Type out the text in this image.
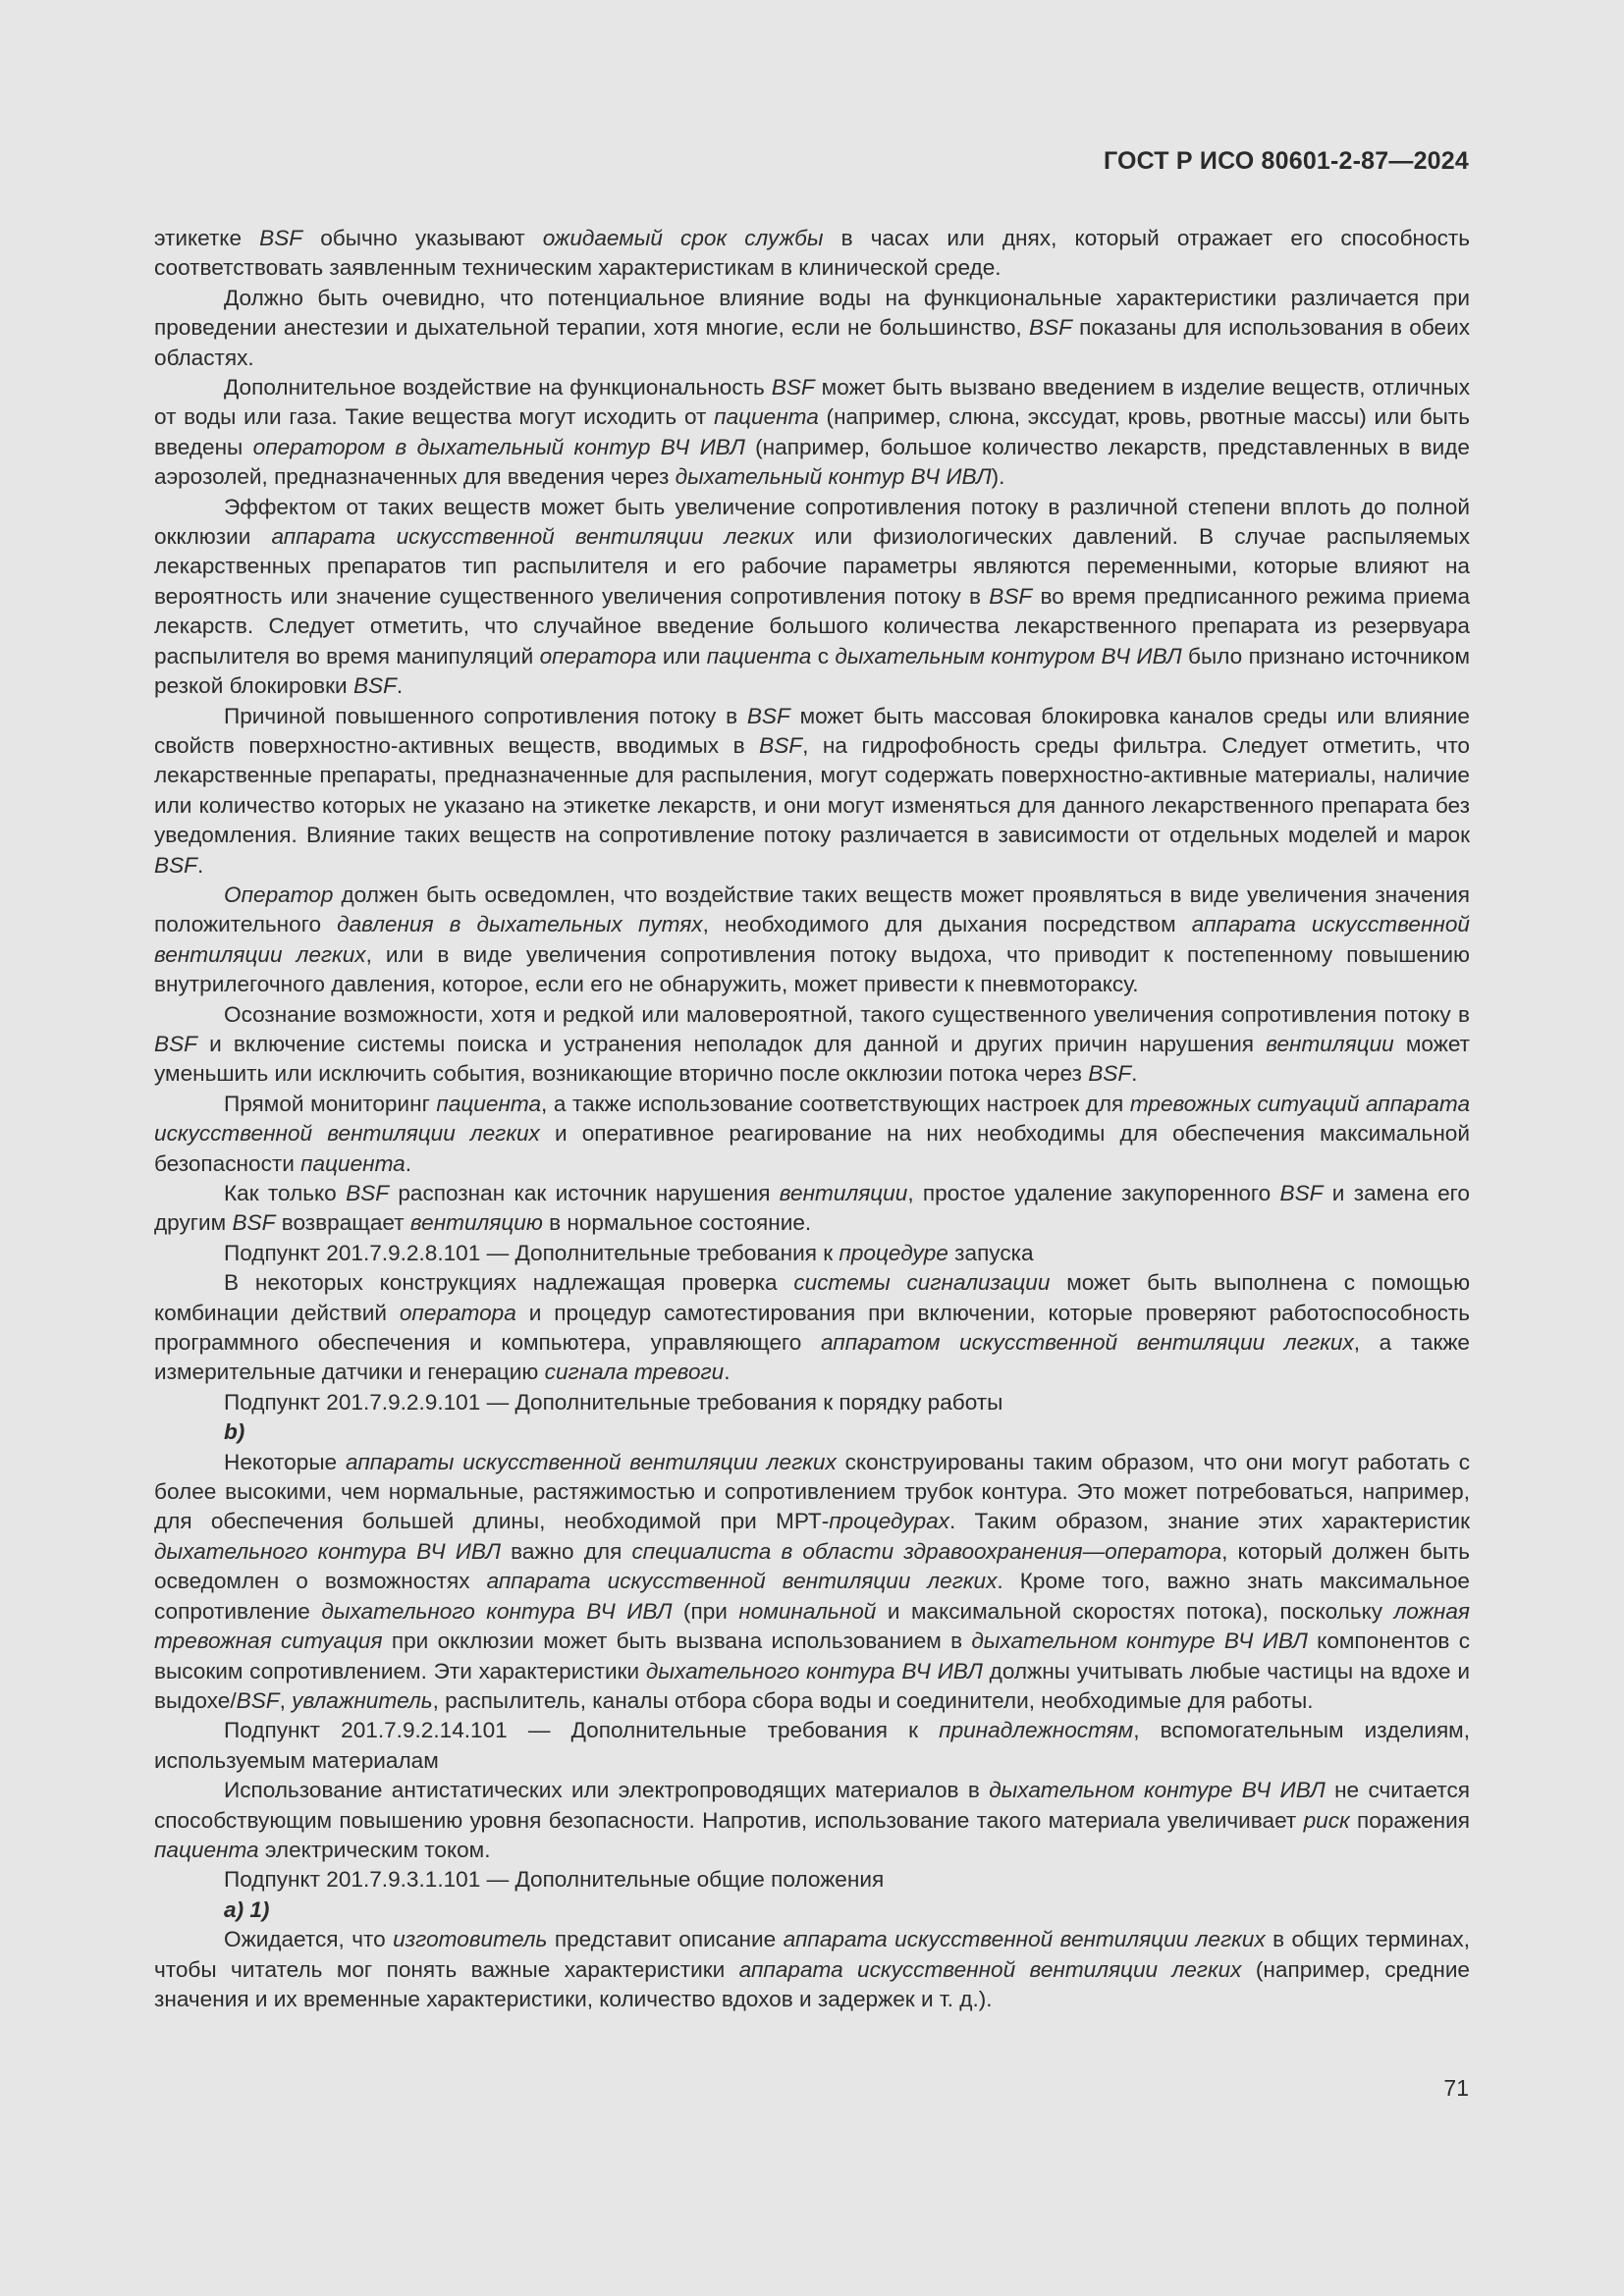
ГОСТ Р ИСО 80601-2-87—2024

этикетке BSF обычно указывают ожидаемый срок службы в часах или днях, который отражает его способность соответствовать заявленным техническим характеристикам в клинической среде.

Должно быть очевидно, что потенциальное влияние воды на функциональные характеристики различается при проведении анестезии и дыхательной терапии, хотя многие, если не большинство, BSF показаны для использования в обеих областях.

Дополнительное воздействие на функциональность BSF может быть вызвано введением в изделие веществ, отличных от воды или газа. Такие вещества могут исходить от пациента (например, слюна, экссудат, кровь, рвотные массы) или быть введены оператором в дыхательный контур ВЧ ИВЛ (например, большое количество лекарств, представленных в виде аэрозолей, предназначенных для введения через дыхательный контур ВЧ ИВЛ).

Эффектом от таких веществ может быть увеличение сопротивления потоку в различной степени вплоть до полной окклюзии аппарата искусственной вентиляции легких или физиологических давлений. В случае распыляемых лекарственных препаратов тип распылителя и его рабочие параметры являются переменными, которые влияют на вероятность или значение существенного увеличения сопротивления потоку в BSF во время предписанного режима приема лекарств. Следует отметить, что случайное введение большого количества лекарственного препарата из резервуара распылителя во время манипуляций оператора или пациента с дыхательным контуром ВЧ ИВЛ было признано источником резкой блокировки BSF.

Причиной повышенного сопротивления потоку в BSF может быть массовая блокировка каналов среды или влияние свойств поверхностно-активных веществ, вводимых в BSF, на гидрофобность среды фильтра. Следует отметить, что лекарственные препараты, предназначенные для распыления, могут содержать поверхностно-активные материалы, наличие или количество которых не указано на этикетке лекарств, и они могут изменяться для данного лекарственного препарата без уведомления. Влияние таких веществ на сопротивление потоку различается в зависимости от отдельных моделей и марок BSF.

Оператор должен быть осведомлен, что воздействие таких веществ может проявляться в виде увеличения значения положительного давления в дыхательных путях, необходимого для дыхания посредством аппарата искусственной вентиляции легких, или в виде увеличения сопротивления потоку выдоха, что приводит к постепенному повышению внутрилегочного давления, которое, если его не обнаружить, может привести к пневмотораксу.

Осознание возможности, хотя и редкой или маловероятной, такого существенного увеличения сопротивления потоку в BSF и включение системы поиска и устранения неполадок для данной и других причин нарушения вентиляции может уменьшить или исключить события, возникающие вторично после окклюзии потока через BSF.

Прямой мониторинг пациента, а также использование соответствующих настроек для тревожных ситуаций аппарата искусственной вентиляции легких и оперативное реагирование на них необходимы для обеспечения максимальной безопасности пациента.

Как только BSF распознан как источник нарушения вентиляции, простое удаление закупоренного BSF и замена его другим BSF возвращает вентиляцию в нормальное состояние.

Подпункт 201.7.9.2.8.101 — Дополнительные требования к процедуре запуска

В некоторых конструкциях надлежащая проверка системы сигнализации может быть выполнена с помощью комбинации действий оператора и процедур самотестирования при включении, которые проверяют работоспособность программного обеспечения и компьютера, управляющего аппаратом искусственной вентиляции легких, а также измерительные датчики и генерацию сигнала тревоги.

Подпункт 201.7.9.2.9.101 — Дополнительные требования к порядку работы

b)

Некоторые аппараты искусственной вентиляции легких сконструированы таким образом, что они могут работать с более высокими, чем нормальные, растяжимостью и сопротивлением трубок контура. Это может потребоваться, например, для обеспечения большей длины, необходимой при МРТ-процедурах. Таким образом, знание этих характеристик дыхательного контура ВЧ ИВЛ важно для специалиста в области здравоохранения—оператора, который должен быть осведомлен о возможностях аппарата искусственной вентиляции легких. Кроме того, важно знать максимальное сопротивление дыхательного контура ВЧ ИВЛ (при номинальной и максимальной скоростях потока), поскольку ложная тревожная ситуация при окклюзии может быть вызвана использованием в дыхательном контуре ВЧ ИВЛ компонентов с высоким сопротивлением. Эти характеристики дыхательного контура ВЧ ИВЛ должны учитывать любые частицы на вдохе и выдохе/BSF, увлажнитель, распылитель, каналы отбора сбора воды и соединители, необходимые для работы.

Подпункт 201.7.9.2.14.101 — Дополнительные требования к принадлежностям, вспомогательным изделиям, используемым материалам

Использование антистатических или электропроводящих материалов в дыхательном контуре ВЧ ИВЛ не считается способствующим повышению уровня безопасности. Напротив, использование такого материала увеличивает риск поражения пациента электрическим током.

Подпункт 201.7.9.3.1.101 — Дополнительные общие положения

a) 1)

Ожидается, что изготовитель представит описание аппарата искусственной вентиляции легких в общих терминах, чтобы читатель мог понять важные характеристики аппарата искусственной вентиляции легких (например, средние значения и их временные характеристики, количество вдохов и задержек и т. д.).

71
